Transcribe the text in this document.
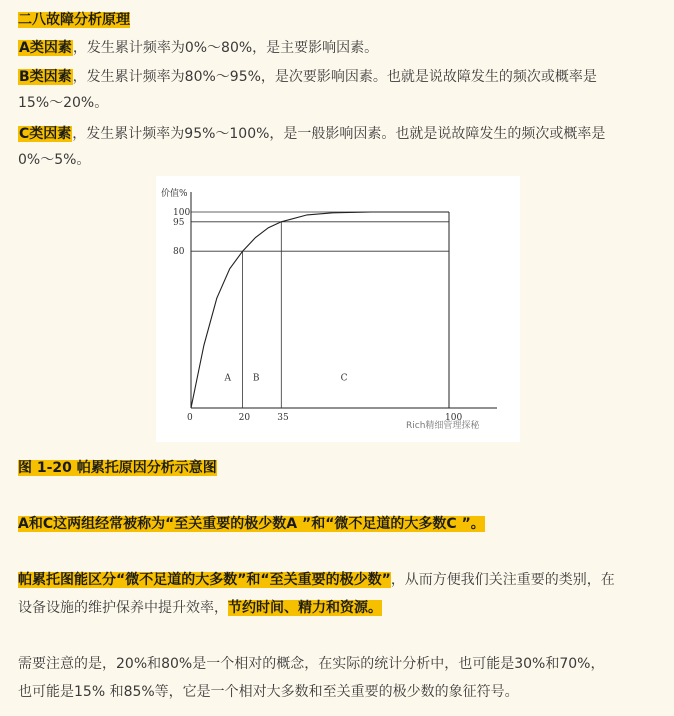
二八故障分析原理
A类因素，发生累计频率为0%～80%，是主要影响因素。
B类因素，发生累计频率为80%～95%，是次要影响因素。也就是说故障发生的频次或概率是
15%～20%。
C类因素，发生累计频率为95%～100%，是一般影响因素。也就是说故障发生的频次或概率是
0%～5%。
价值%
80
95
100
0	20	35	100
A B	C
Rich精细管理探秘
图 1-20 帕累托原因分析示意图
A和C这两组经常被称为“至关重要的极少数A ”和“微不足道的大多数C ”。
帕累托图能区分“微不足道的大多数”和“至关重要的极少数”，从而方便我们关注重要的类别，在
设备设施的维护保养中提升效率，节约时间、精力和资源。
需要注意的是，20%和80%是一个相对的概念，在实际的统计分析中，也可能是30%和70%，
也可能是15% 和85%等，它是一个相对大多数和至关重要的极少数的象征符号。
